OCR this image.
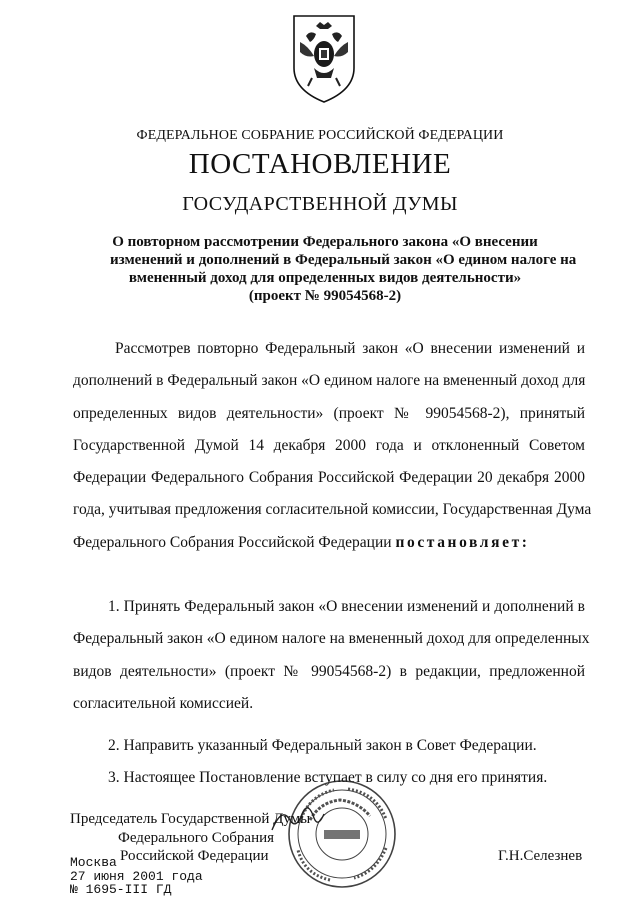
ФЕДЕРАЛЬНОЕ СОБРАНИЕ РОССИЙСКОЙ ФЕДЕРАЦИИ
ПОСТАНОВЛЕНИЕ
ГОСУДАРСТВЕННОЙ ДУМЫ
О повторном рассмотрении Федерального закона «О внесении
изменений и дополнений в Федеральный закон «О едином налоге на
вмененный доход для определенных видов деятельности»
(проект № 99054568-2)
Рассмотрев повторно Федеральный закон «О внесении изменений и
дополнений в Федеральный закон «О едином налоге на вмененный доход для
определенных видов деятельности» (проект № 99054568-2), принятый
Государственной Думой 14 декабря 2000 года и отклоненный Советом
Федерации Федерального Собрания Российской Федерации 20 декабря 2000
года, учитывая предложения согласительной комиссии, Государственная Дума
Федерального Собрания Российской Федерации постановляет:
1. Принять Федеральный закон «О внесении изменений и дополнений в
Федеральный закон «О едином налоге на вмененный доход для определенных
видов деятельности» (проект № 99054568-2) в редакции, предложенной
согласительной комиссией.
2. Направить указанный Федеральный закон в Совет Федерации.
3. Настоящее Постановление вступает в силу со дня его принятия.
Председатель Государственной Думы
Федерального Собрания
Российской Федерации	Г.Н.Селезнев
Москва
27 июня 2001 года
№ 1695-III ГД
